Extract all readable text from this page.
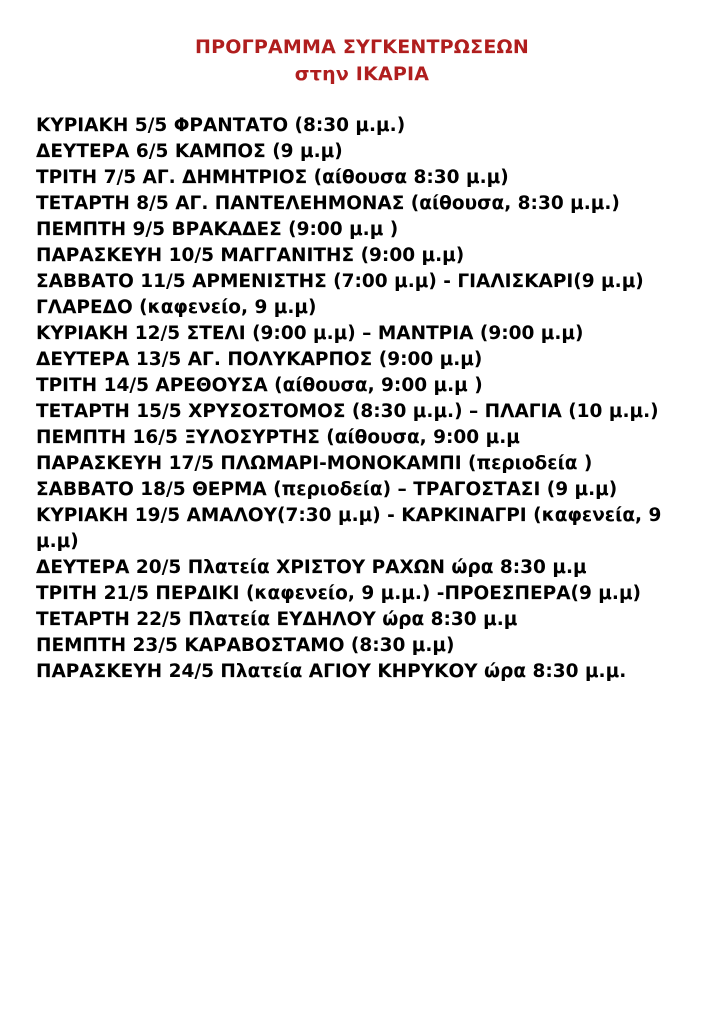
ΠΡΟΓΡΑΜΜΑ ΣΥΓΚΕΝΤΡΩΣΕΩΝ
στην ΙΚΑΡΙΑ
ΚΥΡΙΑΚΗ 5/5 ΦΡΑΝΤΑΤΟ (8:30 μ.μ.)
ΔΕΥΤΕΡΑ 6/5 ΚΑΜΠΟΣ (9 μ.μ)
ΤΡΙΤΗ 7/5 ΑΓ. ΔΗΜΗΤΡΙΟΣ (αίθουσα 8:30 μ.μ)
ΤΕΤΑΡΤΗ 8/5 ΑΓ. ΠΑΝΤΕΛΕΗΜΟΝΑΣ (αίθουσα, 8:30 μ.μ.)
ΠΕΜΠΤΗ 9/5 ΒΡΑΚΑΔΕΣ (9:00 μ.μ )
ΠΑΡΑΣΚΕΥΗ 10/5 ΜΑΓΓΑΝΙΤΗΣ (9:00 μ.μ)
ΣΑΒΒΑΤΟ 11/5 ΑΡΜΕΝΙΣΤΗΣ (7:00 μ.μ) - ΓΙΑΛΙΣΚΑΡΙ(9 μ.μ) ΓΛΑΡΕΔΟ (καφενείο, 9 μ.μ)
ΚΥΡΙΑΚΗ 12/5 ΣΤΕΛΙ (9:00 μ.μ) – ΜΑΝΤΡΙΑ (9:00 μ.μ)
ΔΕΥΤΕΡΑ 13/5 ΑΓ. ΠΟΛΥΚΑΡΠΟΣ (9:00 μ.μ)
ΤΡΙΤΗ 14/5 ΑΡΕΘΟΥΣΑ (αίθουσα, 9:00 μ.μ )
ΤΕΤΑΡΤΗ 15/5 ΧΡΥΣΟΣΤΟΜΟΣ (8:30 μ.μ.) – ΠΛΑΓΙΑ (10 μ.μ.)
ΠΕΜΠΤΗ 16/5 ΞΥΛΟΣΥΡΤΗΣ (αίθουσα, 9:00 μ.μ
ΠΑΡΑΣΚΕΥΗ 17/5 ΠΛΩΜΑΡΙ-ΜΟΝΟΚΑΜΠΙ (περιοδεία )
ΣΑΒΒΑΤΟ 18/5 ΘΕΡΜΑ (περιοδεία) – ΤΡΑΓΟΣΤΑΣΙ (9 μ.μ)
ΚΥΡΙΑΚΗ 19/5 ΑΜΑΛΟΥ(7:30 μ.μ) - ΚΑΡΚΙΝΑΓΡΙ (καφενεία, 9 μ.μ)
ΔΕΥΤΕΡΑ 20/5 Πλατεία ΧΡΙΣΤΟΥ ΡΑΧΩΝ ώρα 8:30 μ.μ
ΤΡΙΤΗ 21/5 ΠΕΡΔΙΚΙ (καφενείο, 9 μ.μ.) -ΠΡΟΕΣΠΕΡΑ(9 μ.μ)
ΤΕΤΑΡΤΗ 22/5 Πλατεία ΕΥΔΗΛΟΥ ώρα 8:30 μ.μ
ΠΕΜΠΤΗ 23/5 ΚΑΡΑΒΟΣΤΑΜΟ (8:30 μ.μ)
ΠΑΡΑΣΚΕΥΗ 24/5 Πλατεία ΑΓΙΟΥ ΚΗΡΥΚΟΥ ώρα 8:30 μ.μ.
